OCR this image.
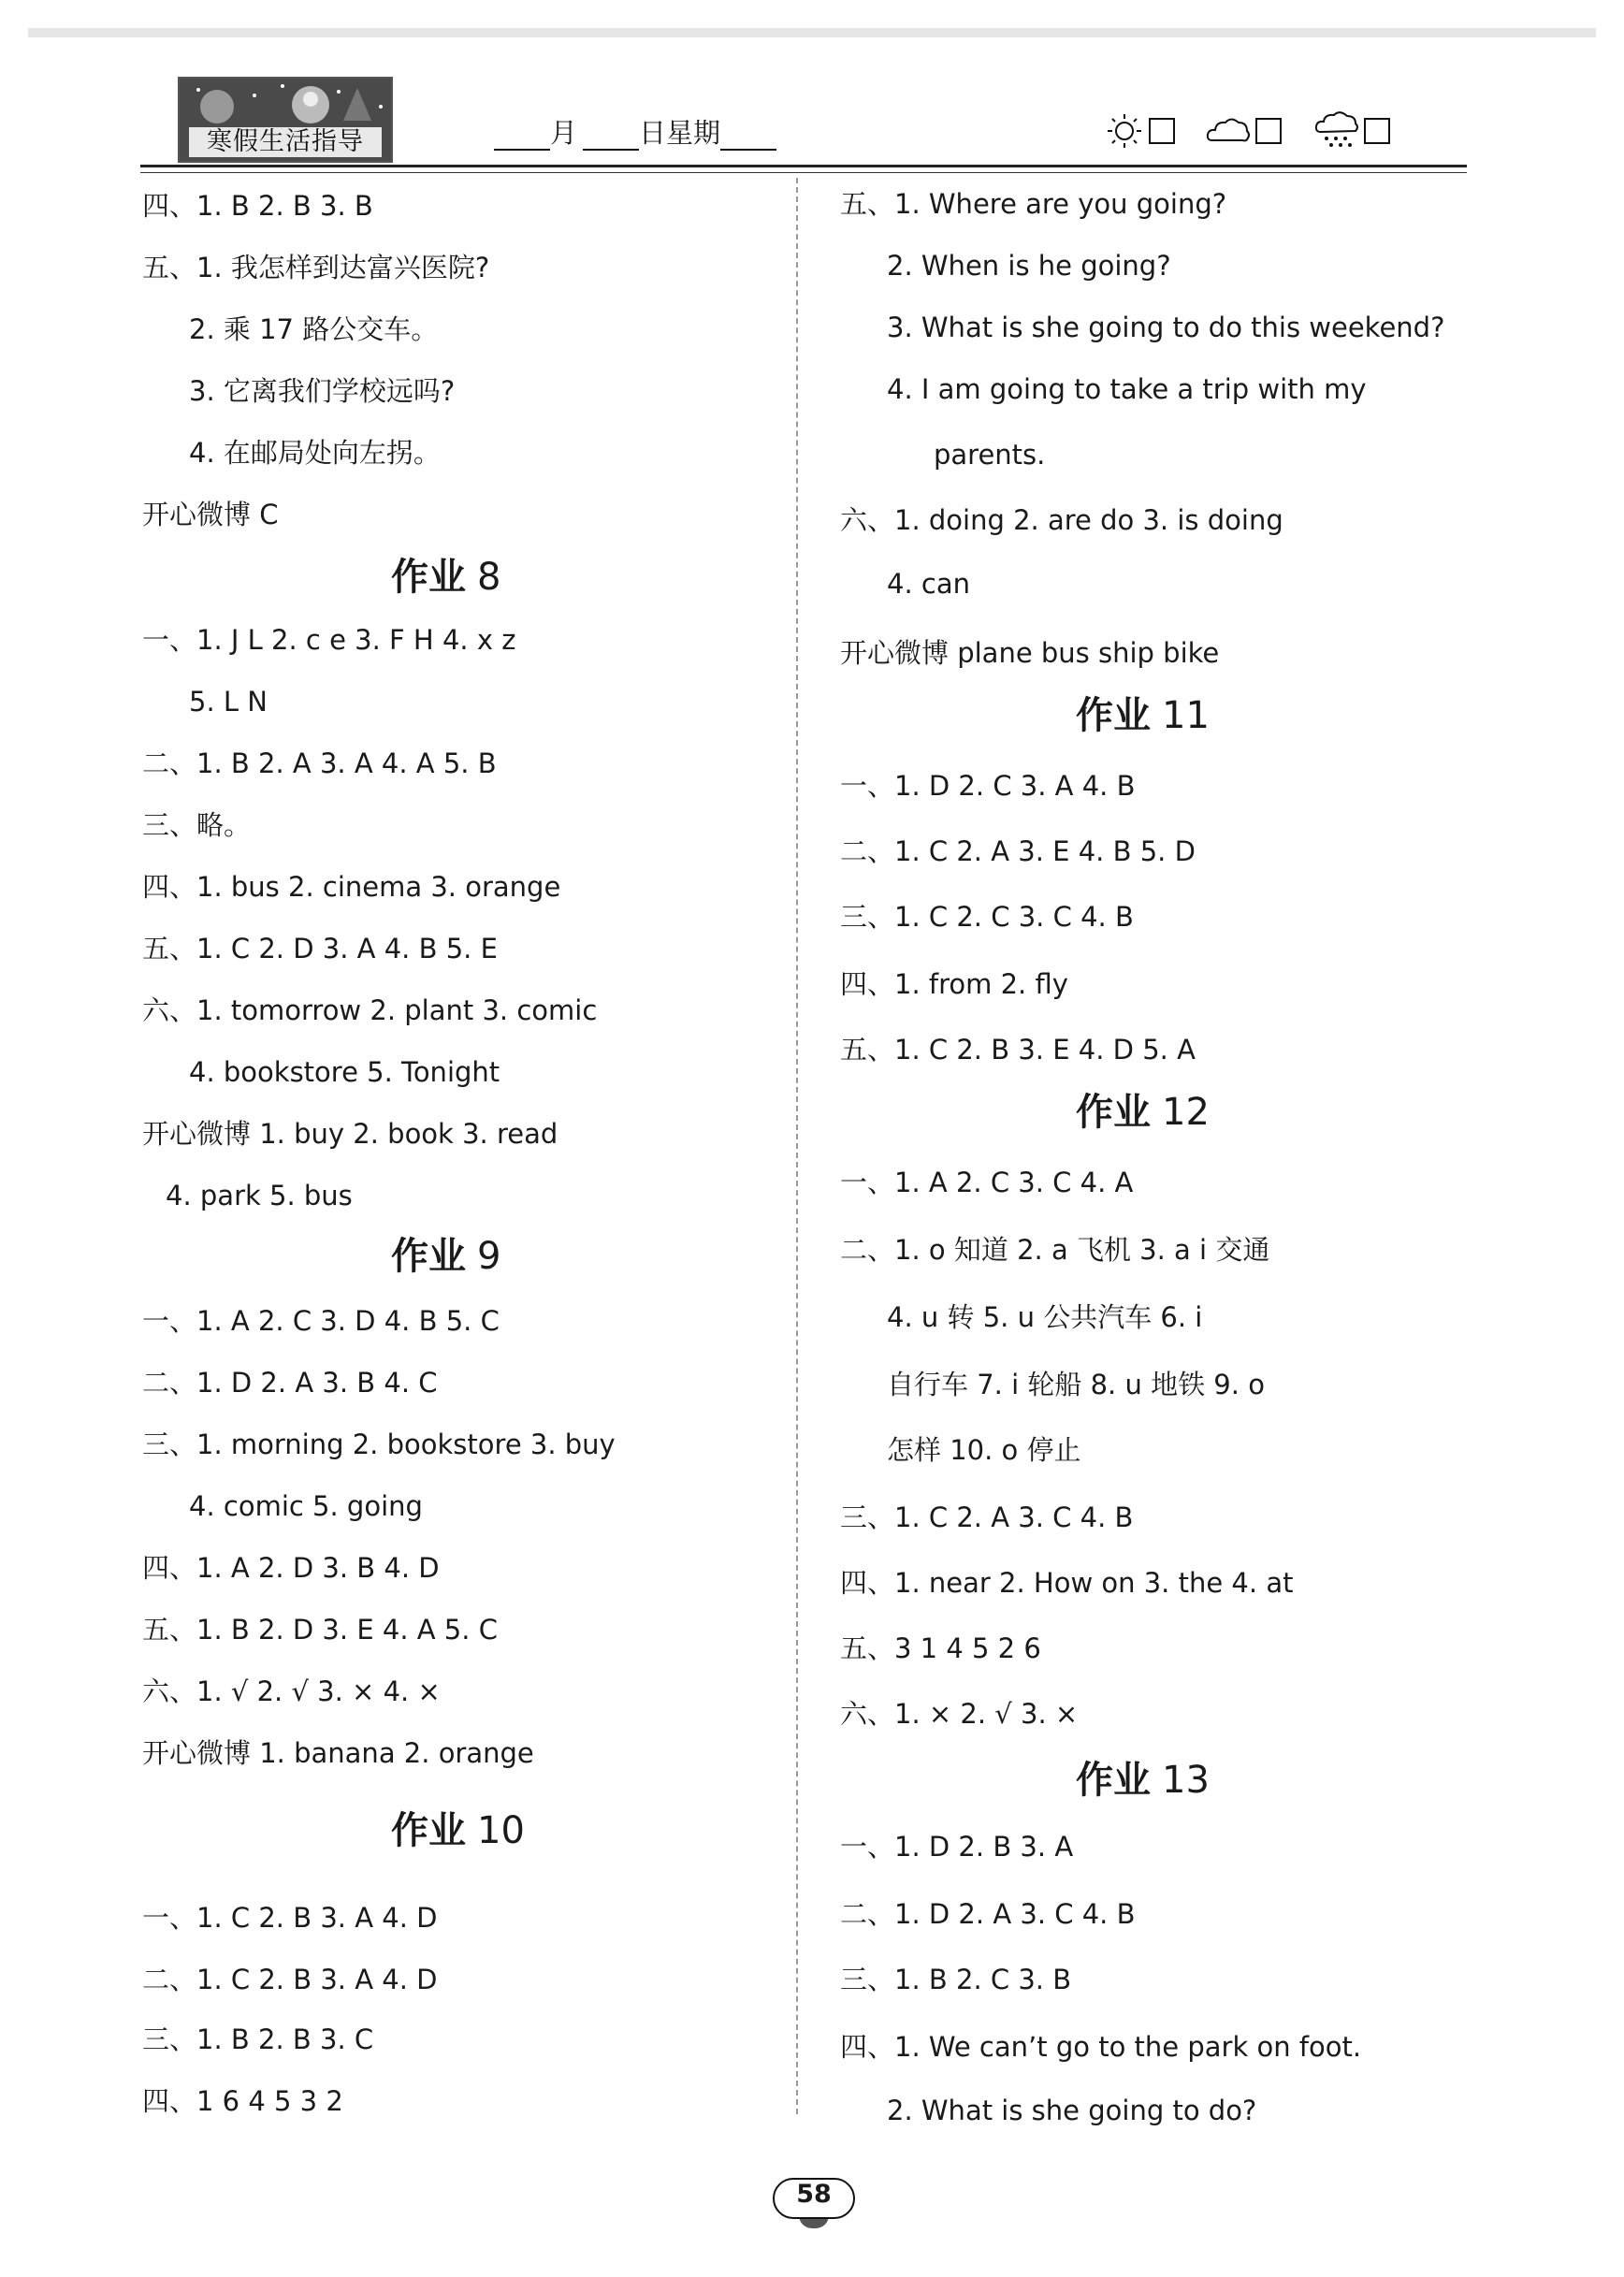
寒假生活指导	月 日星期
四、1. B 2. B 3. B
五、1. 我怎样到达富兴医院?
2. 乘 17 路公交车。
3. 它离我们学校远吗?
4. 在邮局处向左拐。
开心微博 C
作业 8
一、1. J L 2. c e 3. F H 4. x z
5. L N
二、1. B 2. A 3. A 4. A 5. B
三、略。
四、1. bus 2. cinema 3. orange
五、1. C 2. D 3. A 4. B 5. E
六、1. tomorrow 2. plant 3. comic
4. bookstore 5. Tonight
开心微博 1. buy 2. book 3. read
4. park 5. bus
作业 9
一、1. A 2. C 3. D 4. B 5. C
二、1. D 2. A 3. B 4. C
三、1. morning 2. bookstore 3. buy
4. comic 5. going
四、1. A 2. D 3. B 4. D
五、1. B 2. D 3. E 4. A 5. C
六、1. √ 2. √ 3. × 4. ×
开心微博 1. banana 2. orange
作业 10
一、1. C 2. B 3. A 4. D
二、1. C 2. B 3. A 4. D
三、1. B 2. B 3. C
四、1 6 4 5 3 2
五、1. Where are you going?
2. When is he going?
3. What is she going to do this weekend?
4. I am going to take a trip with my
parents.
六、1. doing 2. are do 3. is doing
4. can
开心微博 plane bus ship bike
作业 11
一、1. D 2. C 3. A 4. B
二、1. C 2. A 3. E 4. B 5. D
三、1. C 2. C 3. C 4. B
四、1. from 2. fly
五、1. C 2. B 3. E 4. D 5. A
作业 12
一、1. A 2. C 3. C 4. A
二、1. o 知道 2. a 飞机 3. a i 交通
4. u 转 5. u 公共汽车 6. i
自行车 7. i 轮船 8. u 地铁 9. o
怎样 10. o 停止
三、1. C 2. A 3. C 4. B
四、1. near 2. How on 3. the 4. at
五、3 1 4 5 2 6
六、1. × 2. √ 3. ×
作业 13
一、1. D 2. B 3. A
二、1. D 2. A 3. C 4. B
三、1. B 2. C 3. B
四、1. We can’t go to the park on foot.
2. What is she going to do?
58
